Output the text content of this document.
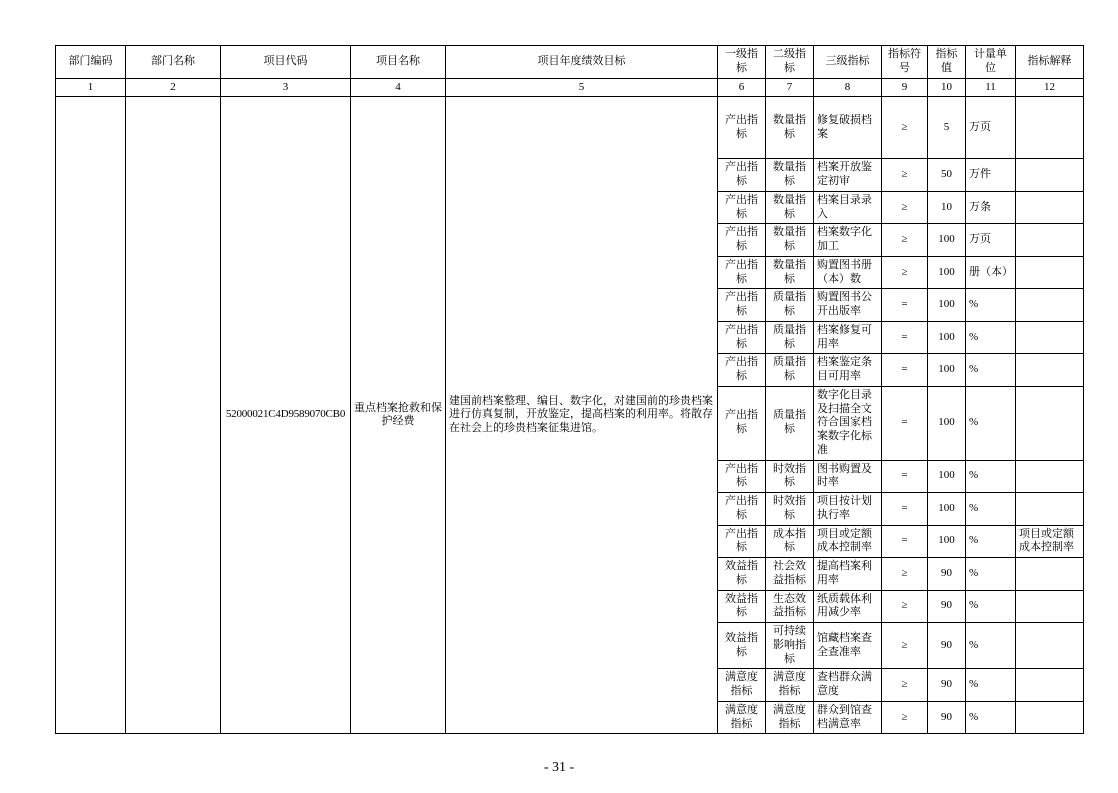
部门编码	部门名称	项目代码	项目名称	项目年度绩效目标	一级指标	二级指标	三级指标	指标符号	指标值	计量单位	指标解释
1	2	3	4	5	6	7	8	9	10	11	12
		52000021C4D9589070CB0	重点档案抢救和保护经费	建国前档案整理、编目、数字化，对建国前的珍贵档案进行仿真复制，开放鉴定，提高档案的利用率。将散存在社会上的珍贵档案征集进馆。	产出指标	数量指标	修复破损档案	≥	5	万页	
					产出指标	数量指标	档案开放鉴定初审	≥	50	万件	
					产出指标	数量指标	档案目录录入	≥	10	万条	
					产出指标	数量指标	档案数字化加工	≥	100	万页	
					产出指标	数量指标	购置图书册（本）数	≥	100	册（本）	
					产出指标	质量指标	购置图书公开出版率	=	100	%	
					产出指标	质量指标	档案修复可用率	=	100	%	
					产出指标	质量指标	档案鉴定条目可用率	=	100	%	
					产出指标	质量指标	数字化目录及扫描全文符合国家档案数字化标准	=	100	%	
					产出指标	时效指标	图书购置及时率	=	100	%	
					产出指标	时效指标	项目按计划执行率	=	100	%	
					产出指标	成本指标	项目或定额成本控制率	=	100	%	项目或定额成本控制率
					效益指标	社会效益指标	提高档案利用率	≥	90	%	
					效益指标	生态效益指标	纸质载体利用减少率	≥	90	%	
					效益指标	可持续影响指标	馆藏档案查全查准率	≥	90	%	
					满意度指标	满意度指标	查档群众满意度	≥	90	%	
					满意度指标	满意度指标	群众到馆查档满意率	≥	90	%	
- 31 -
